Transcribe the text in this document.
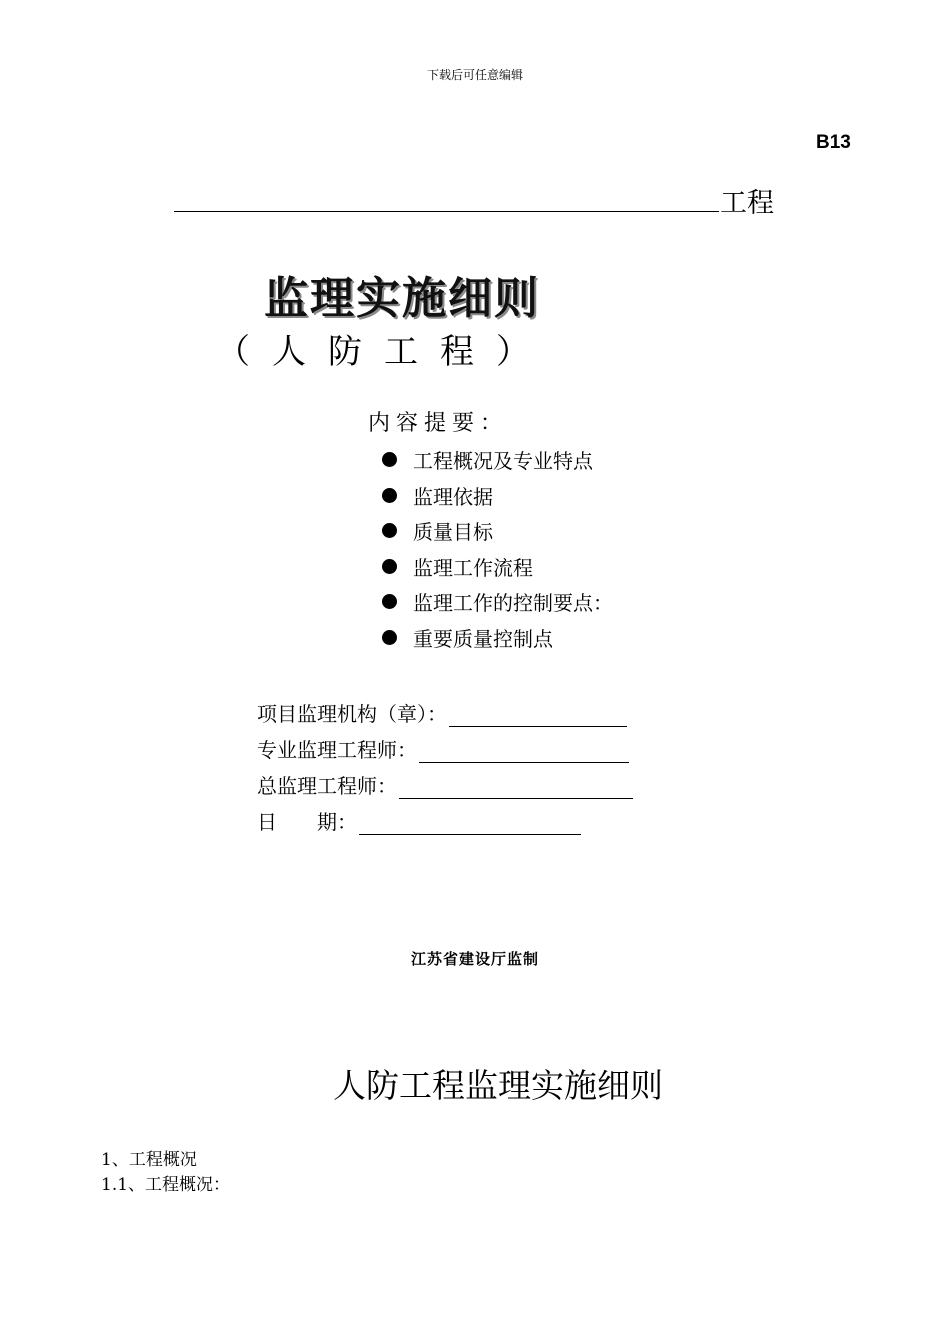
下载后可任意编辑
B13
工程
监理实施细则
（人防工程）
内容提要：
工程概况及专业特点
监理依据
质量目标
监理工作流程
监理工作的控制要点：
重要质量控制点
项目监理机构（章）：
专业监理工程师：
总监理工程师：
日　　期：
江苏省建设厅监制
人防工程监理实施细则
1、工程概况
1.1、工程概况：
